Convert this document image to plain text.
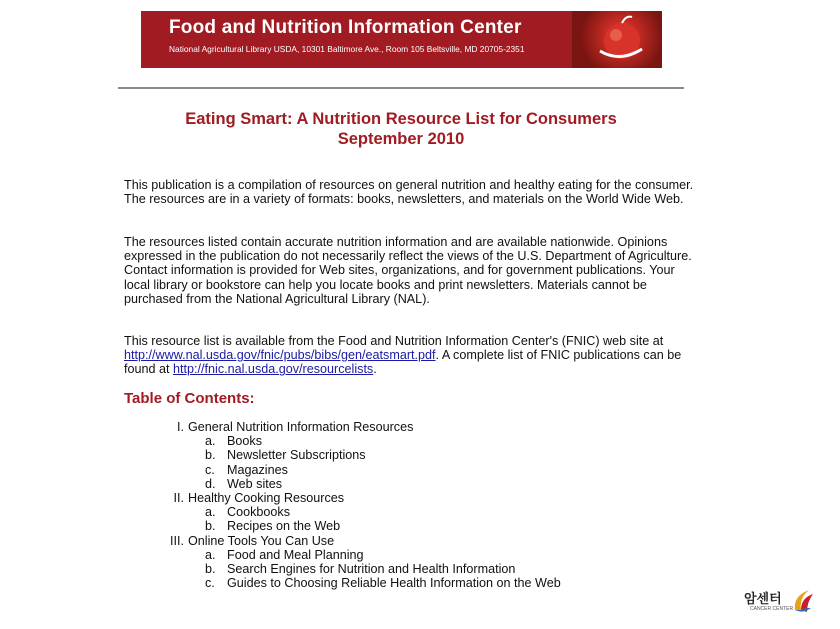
Food and Nutrition Information Center
National Agricultural Library USDA, 10301 Baltimore Ave., Room 105 Beltsville, MD 20705-2351
Eating Smart: A Nutrition Resource List for Consumers
September 2010

This publication is a compilation of resources on general nutrition and healthy eating for the consumer. The resources are in a variety of formats: books, newsletters, and materials on the World Wide Web.

The resources listed contain accurate nutrition information and are available nationwide. Opinions expressed in the publication do not necessarily reflect the views of the U.S. Department of Agriculture. Contact information is provided for Web sites, organizations, and for government publications. Your local library or bookstore can help you locate books and print newsletters. Materials cannot be purchased from the National Agricultural Library (NAL).

This resource list is available from the Food and Nutrition Information Center's (FNIC) web site at http://www.nal.usda.gov/fnic/pubs/bibs/gen/eatsmart.pdf. A complete list of FNIC publications can be found at http://fnic.nal.usda.gov/resourcelists.

Table of Contents:
I. General Nutrition Information Resources
a. Books
b. Newsletter Subscriptions
c. Magazines
d. Web sites
II. Healthy Cooking Resources
a. Cookbooks
b. Recipes on the Web
III. Online Tools You Can Use
a. Food and Meal Planning
b. Search Engines for Nutrition and Health Information
c. Guides to Choosing Reliable Health Information on the Web
암센터
CANCER CENTER
